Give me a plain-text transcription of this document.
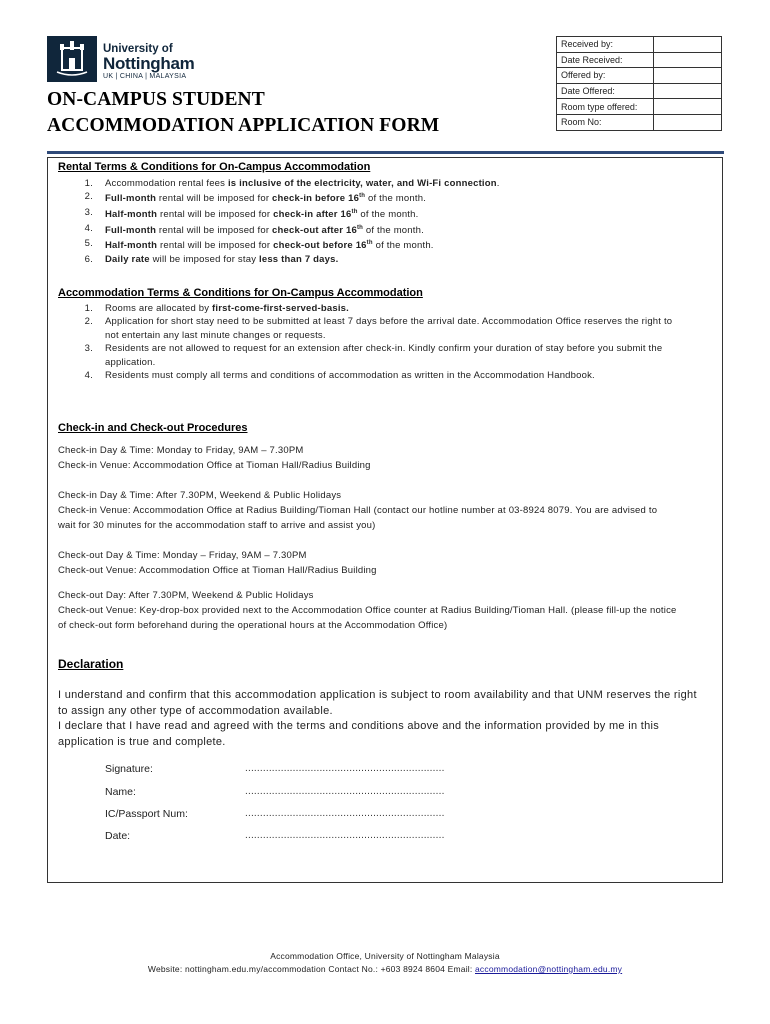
University of
Nottingham
UK | CHINA | MALAYSIA
ON-CAMPUS STUDENT
ACCOMMODATION APPLICATION FORM
Received by:	
Date Received:	
Offered by:	
Date Offered:	
Room type offered:	
Room No:	
Rental Terms & Conditions for On-Campus Accommodation
1. Accommodation rental fees is inclusive of the electricity, water, and Wi-Fi connection.
2. Full-month rental will be imposed for check-in before 16th of the month.
3. Half-month rental will be imposed for check-in after 16th of the month.
4. Full-month rental will be imposed for check-out after 16th of the month.
5. Half-month rental will be imposed for check-out before 16th of the month.
6. Daily rate will be imposed for stay less than 7 days.
Accommodation Terms & Conditions for On-Campus Accommodation
1. Rooms are allocated by first-come-first-served-basis.
2. Application for short stay need to be submitted at least 7 days before the arrival date. Accommodation Office reserves the right to
not entertain any last minute changes or requests.
3. Residents are not allowed to request for an extension after check-in. Kindly confirm your duration of stay before you submit the
application.
4. Residents must comply all terms and conditions of accommodation as written in the Accommodation Handbook.
Check-in and Check-out Procedures
Check-in Day & Time: Monday to Friday, 9AM – 7.30PM
Check-in Venue: Accommodation Office at Tioman Hall/Radius Building
Check-in Day & Time: After 7.30PM, Weekend & Public Holidays
Check-in Venue: Accommodation Office at Radius Building/Tioman Hall (contact our hotline number at 03-8924 8079. You are advised to
wait for 30 minutes for the accommodation staff to arrive and assist you)
Check-out Day & Time: Monday – Friday, 9AM – 7.30PM
Check-out Venue: Accommodation Office at Tioman Hall/Radius Building
Check-out Day: After 7.30PM, Weekend & Public Holidays
Check-out Venue: Key-drop-box provided next to the Accommodation Office counter at Radius Building/Tioman Hall. (please fill-up the notice
of check-out form beforehand during the operational hours at the Accommodation Office)
Declaration
I understand and confirm that this accommodation application is subject to room availability and that UNM reserves the right
to assign any other type of accommodation available.
I declare that I have read and agreed with the terms and conditions above and the information provided by me in this
application is true and complete.
Signature:	...................................................................
Name:	...................................................................
IC/Passport Num:	...................................................................
Date:	...................................................................
Accommodation Office, University of Nottingham Malaysia
Website: nottingham.edu.my/accommodation Contact No.: +603 8924 8604 Email: accommodation@nottingham.edu.my
